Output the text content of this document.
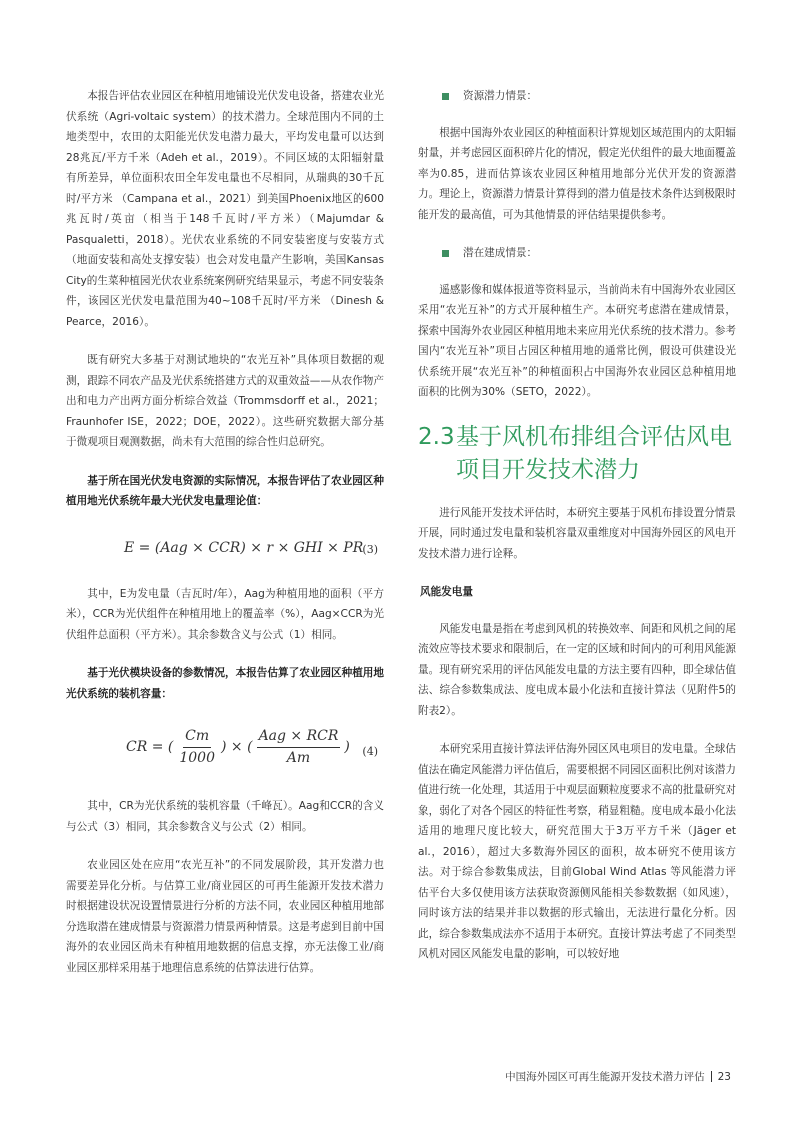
本报告评估农业园区在种植用地铺设光伏发电设备，搭建农业光伏系统（Agri-voltaic system）的技术潜力。全球范围内不同的土地类型中，农田的太阳能光伏发电潜力最大，平均发电量可以达到28兆瓦/平方千米（Adeh et al.，2019）。不同区域的太阳辐射量有所差异，单位面积农田全年发电量也不尽相同，从瑞典的30千瓦时/平方米 （Campana et al.，2021）到美国Phoenix地区的600兆瓦时/英亩（相当于148千瓦时/平方米）（Majumdar & Pasqualetti，2018）。光伏农业系统的不同安装密度与安装方式（地面安装和高处支撑安装）也会对发电量产生影响，美国Kansas City的生菜种植园光伏农业系统案例研究结果显示，考虑不同安装条件，该园区光伏发电量范围为40~108千瓦时/平方米 （Dinesh & Pearce，2016）。

既有研究大多基于对测试地块的“农光互补”具体项目数据的观测，跟踪不同农产品及光伏系统搭建方式的双重效益——从农作物产出和电力产出两方面分析综合效益（Trommsdorff et al.，2021；Fraunhofer ISE，2022；DOE，2022）。这些研究数据大部分基于微观项目观测数据，尚未有大范围的综合性归总研究。

基于所在国光伏发电资源的实际情况，本报告评估了农业园区种植用地光伏系统年最大光伏发电量理论值：

E = (Aag × CCR) × r × GHI × PR (3)

其中，E为发电量（吉瓦时/年），Aag为种植用地的面积（平方米），CCR为光伏组件在种植用地上的覆盖率（%），Aag×CCR为光伏组件总面积（平方米）。其余参数含义与公式（1）相同。

基于光伏模块设备的参数情况，本报告估算了农业园区种植用地光伏系统的装机容量：

CR = ( $\frac{Cm}{1000}$ ) × ( $\frac{\text{Aag × RCR}}{Am}$ ) (4)

其中，CR为光伏系统的装机容量（千峰瓦）。Aag和CCR的含义与公式（3）相同，其余参数含义与公式（2）相同。

农业园区处在应用“农光互补”的不同发展阶段，其开发潜力也需要差异化分析。与估算工业/商业园区的可再生能源开发技术潜力时根据建设状况设置情景进行分析的方法不同，农业园区种植用地部分选取潜在建成情景与资源潜力情景两种情景。这是考虑到目前中国海外的农业园区尚未有种植用地数据的信息支撑，亦无法像工业/商业园区那样采用基于地理信息系统的估算法进行估算。

资源潜力情景：

根据中国海外农业园区的种植面积计算规划区域范围内的太阳辐射量，并考虑园区面积碎片化的情况，假定光伏组件的最大地面覆盖率为0.85，进而估算该农业园区种植用地部分光伏开发的资源潜力。理论上，资源潜力情景计算得到的潜力值是技术条件达到极限时能开发的最高值，可为其他情景的评估结果提供参考。

潜在建成情景：

遥感影像和媒体报道等资料显示，当前尚未有中国海外农业园区采用“农光互补”的方式开展种植生产。本研究考虑潜在建成情景，探索中国海外农业园区种植用地未来应用光伏系统的技术潜力。参考国内“农光互补”项目占园区种植用地的通常比例，假设可供建设光伏系统开展“农光互补”的种植面积占中国海外农业园区总种植用地面积的比例为30%（SETO，2022）。

2.3 基于风机布排组合评估风电项目开发技术潜力

进行风能开发技术评估时，本研究主要基于风机布排设置分情景开展，同时通过发电量和装机容量双重维度对中国海外园区的风电开发技术潜力进行诠释。

风能发电量

风能发电量是指在考虑到风机的转换效率、间距和风机之间的尾流效应等技术要求和限制后，在一定的区域和时间内的可利用风能源量。现有研究采用的评估风能发电量的方法主要有四种，即全球估值法、综合参数集成法、度电成本最小化法和直接计算法（见附件5的附表2）。

本研究采用直接计算法评估海外园区风电项目的发电量。全球估值法在确定风能潜力评估值后，需要根据不同园区面积比例对该潜力值进行统一化处理，其适用于中观层面颗粒度要求不高的批量研究对象，弱化了对各个园区的特征性考察，稍显粗糙。度电成本最小化法适用的地理尺度比较大，研究范围大于3万平方千米（Jäger et al.，2016），超过大多数海外园区的面积，故本研究不使用该方法。对于综合参数集成法，目前Global Wind Atlas 等风能潜力评估平台大多仅使用该方法获取资源侧风能相关参数数据（如风速），同时该方法的结果并非以数据的形式输出，无法进行量化分析。因此，综合参数集成法亦不适用于本研究。直接计算法考虑了不同类型风机对园区风能发电量的影响，可以较好地

中国海外园区可再生能源开发技术潜力评估 23
